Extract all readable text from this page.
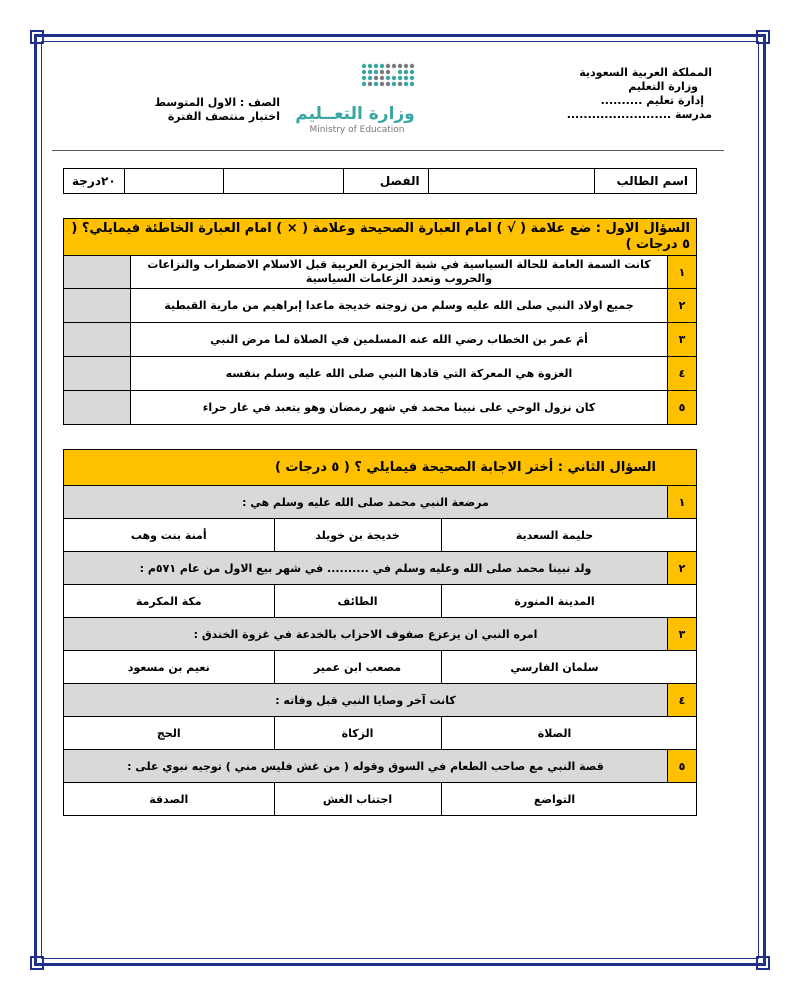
المملكة العربية السعودية
وزارة التعليم
إدارة تعليم ..........
مدرسة .........................
وزارة التعــليم
Ministry of Education
الصف : الاول المتوسط
اختبار منتصف الفترة
اسم الطالب		الفصل			٢٠درجة
السؤال الاول : ضع علامة ( √ ) امام العبارة الصحيحة وعلامة ( × ) امام العبارة الخاطئة فيمايلي؟ ( ٥ درجات )		
١	كانت السمة العامة للحالة السياسية في شبة الجزيرة العربية قبل الاسلام الاضطراب والنزاعات والحروب وتعدد الزعامات السياسية	
٢	جميع اولاد النبي صلى الله عليه وسلم من زوجته خديجة ماعدا إبراهيم من مارية القبطية	
٣	أمَ عمر بن الخطاب رضي الله عنه المسلمين في الصلاة لما مرض النبي	
٤	الغزوة هي المعركة التي قادها النبي صلى الله عليه وسلم بنفسه	
٥	كان نزول الوحي على نبينا محمد في شهر رمضان وهو يتعبد في غار حراء	
السؤال الثاني : أختر الاجابة الصحيحة فيمايلي ؟ ( ٥ درجات )			
١	مرضعة النبي محمد صلى الله عليه وسلم هي :		
	حليمة السعدية	خديجة بن خويلد	أمنة بنت وهب
٢	ولد نبينا محمد صلى الله وعليه وسلم في .......... في شهر بيع الاول من عام ٥٧١م :		
	المدينة المنورة	الطائف	مكة المكرمة
٣	امره النبي ان يزعزع صفوف الاحزاب بالخدعة في غزوة الخندق :		
	سلمان الفارسي	مصعب ابن عمير	نعيم بن مسعود
٤	كانت آخر وصايا النبي قبل وفاته :		
	الصلاة	الزكاة	الحج
٥	قصة النبي مع صاحب الطعام في السوق وقوله ( من غش فليس مني ) توجيه نبوي على :		
	التواضع	اجتناب الغش	الصدقة
